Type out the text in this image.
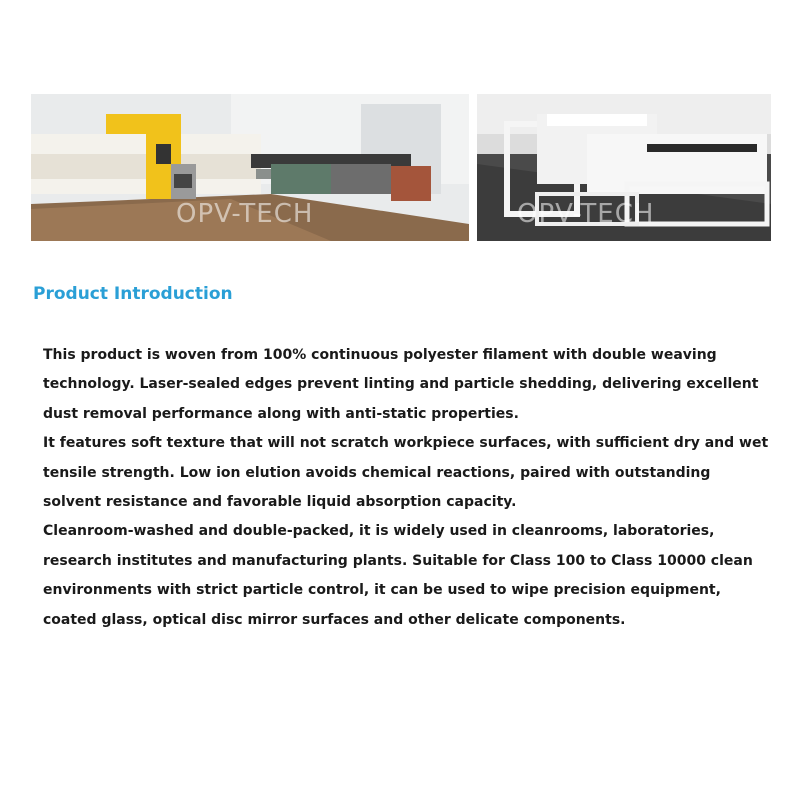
OPV-TECH	OPV-TECH
Product Introduction

This product is woven from 100% continuous polyester filament with double weaving technology. Laser-sealed edges prevent linting and particle shedding, delivering excellent dust removal performance along with anti-static properties.

It features soft texture that will not scratch workpiece surfaces, with sufficient dry and wet tensile strength. Low ion elution avoids chemical reactions, paired with outstanding solvent resistance and favorable liquid absorption capacity.

Cleanroom-washed and double-packed, it is widely used in cleanrooms, laboratories, research institutes and manufacturing plants. Suitable for Class 100 to Class 10000 clean environments with strict particle control, it can be used to wipe precision equipment, coated glass, optical disc mirror surfaces and other delicate components.
